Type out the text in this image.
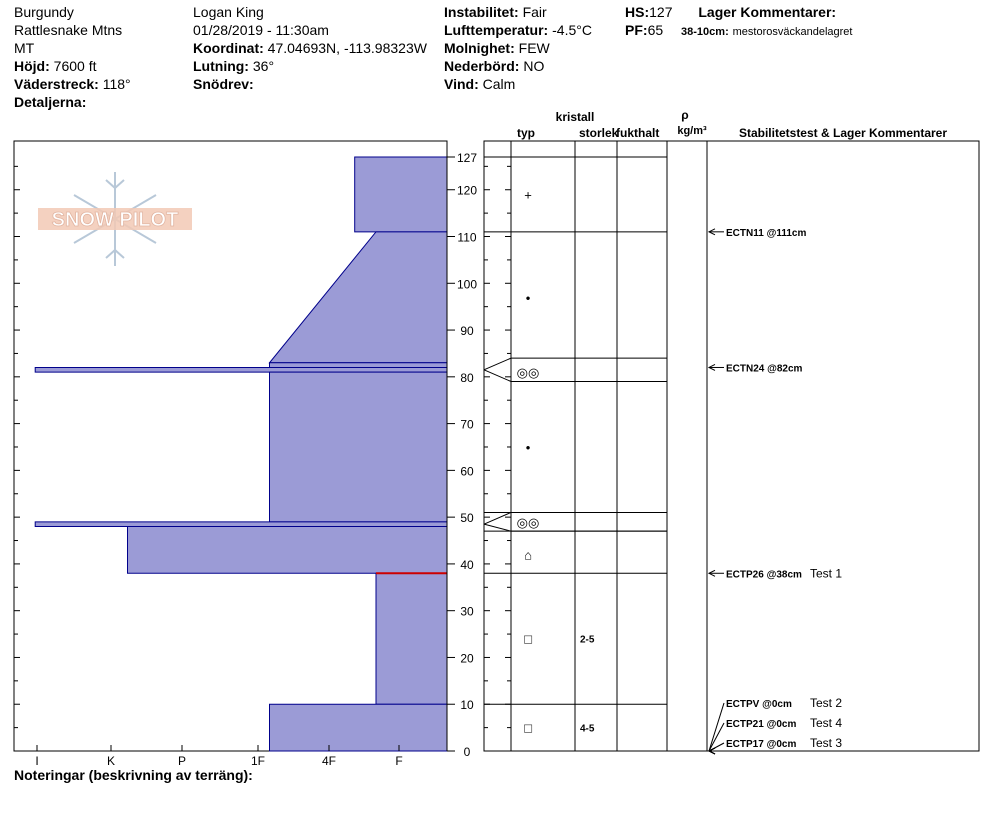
Burgundy
Rattlesnake Mtns
MT
Höjd: 7600 ft
Väderstreck: 118°
Detaljerna:
Logan King
01/28/2019 - 11:30am
Koordinat: 47.04693N, -113.98323W
Lutning: 36°
Snödrev:
Instabilitet: Fair
Lufttemperatur: -4.5°C
Molnighet: FEW
Nederbörd: NO
Vind: Calm
HS:127 Lager Kommentarer:
PF:65 38-10cm: mestorosväckandelagret
SNOW PILOT
0
10
20
30
40
50
60
70
80
90
100
110
120
127
I	K	P	1F	4F	F
kristall
typ	storlek
fukthalt
ρ
kg/m³	Stabilitetstest & Lager Kommentarer
+
•
◎◎
•
◎◎
⌂
□	2-5
□	4-5
ECTN11 @111cm
ECTN24 @82cm
ECTP26 @38cm Test 1
ECTPV @0cm Test 2
ECTP21 @0cm Test 4
ECTP17 @0cm Test 3
Noteringar (beskrivning av terräng):
